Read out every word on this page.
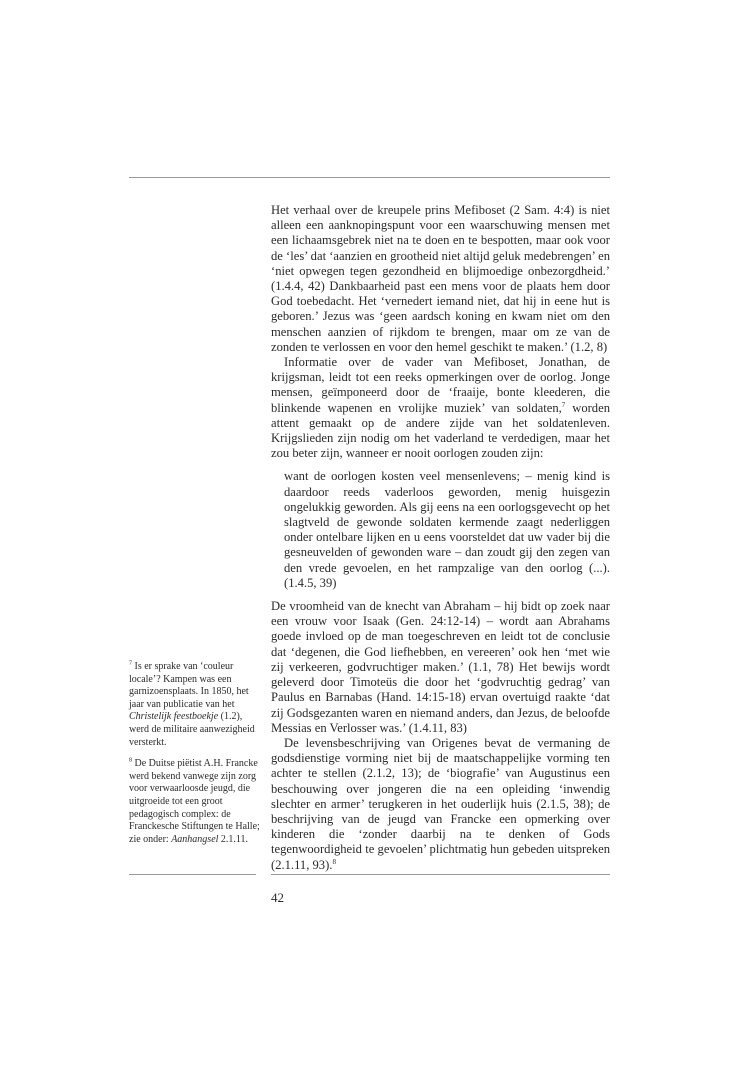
Het verhaal over de kreupele prins Mefiboset (2 Sam. 4:4) is niet alleen een aanknopingspunt voor een waarschuwing mensen met een lichaamsgebrek niet na te doen en te bespotten, maar ook voor de ‘les’ dat ‘aanzien en grootheid niet altijd geluk medebrengen’ en ‘niet opwegen tegen gezondheid en blijmoedige onbezorgdheid.’ (1.4.4, 42) Dankbaarheid past een mens voor de plaats hem door God toebedacht. Het ‘vernedert iemand niet, dat hij in eene hut is geboren.’ Jezus was ‘geen aardsch koning en kwam niet om den menschen aanzien of rijkdom te brengen, maar om ze van de zonden te verlossen en voor den hemel geschikt te maken.’ (1.2, 8)

Informatie over de vader van Mefiboset, Jonathan, de krijgsman, leidt tot een reeks opmerkingen over de oorlog. Jonge mensen, geïmponeerd door de ‘fraaije, bonte kleederen, die blinkende wapenen en vrolijke muziek’ van soldaten,$^7$ worden attent gemaakt op de andere zijde van het soldatenleven. Krijgslieden zijn nodig om het vaderland te verdedigen, maar het zou beter zijn, wanneer er nooit oorlogen zouden zijn:

want de oorlogen kosten veel mensenlevens; – menig kind is daardoor reeds vaderloos geworden, menig huisgezin ongelukkig geworden. Als gij eens na een oorlogsgevecht op het slagtveld de gewonde soldaten kermende zaagt nederliggen onder ontelbare lijken en u eens voorsteldet dat uw vader bij die gesneuvelden of gewonden ware – dan zoudt gij den zegen van den vrede gevoelen, en het rampzalige van den oorlog (...). (1.4.5, 39)

De vroomheid van de knecht van Abraham – hij bidt op zoek naar een vrouw voor Isaak (Gen. 24:12-14) – wordt aan Abrahams goede invloed op de man toegeschreven en leidt tot de conclusie dat ‘degenen, die God liefhebben, en vereeren’ ook hen ‘met wie zij verkeeren, godvruchtiger maken.’ (1.1, 78) Het bewijs wordt geleverd door Timoteüs die door het ‘godvruchtig gedrag’ van Paulus en Barnabas (Hand. 14:15-18) ervan overtuigd raakte ‘dat zij Godsgezanten waren en niemand anders, dan Jezus, de beloofde Messias en Verlosser was.’ (1.4.11, 83)

De levensbeschrijving van Origenes bevat de vermaning de godsdienstige vorming niet bij de maatschappelijke vorming ten achter te stellen (2.1.2, 13); de ‘biografie’ van Augustinus een beschouwing over jongeren die na een opleiding ‘inwendig slechter en armer’ terugkeren in het ouderlijk huis (2.1.5, 38); de beschrijving van de jeugd van Francke een opmerking over kinderen die ‘zonder daarbij na te denken of Gods tegenwoordigheid te gevoelen’ plichtmatig hun gebeden uitspreken (2.1.11, 93).$^8$

$^7$ Is er sprake van ‘couleur locale’? Kampen was een garnizoensplaats. In 1850, het jaar van publicatie van het Christelijk feestboekje (1.2), werd de militaire aanwezigheid versterkt.

$^8$ De Duitse piëtist A.H. Francke werd bekend vanwege zijn zorg voor verwaarloosde jeugd, die uitgroeide tot een groot pedagogisch complex: de Franckesche Stiftungen te Halle; zie onder: Aanhangsel 2.1.11.

42
